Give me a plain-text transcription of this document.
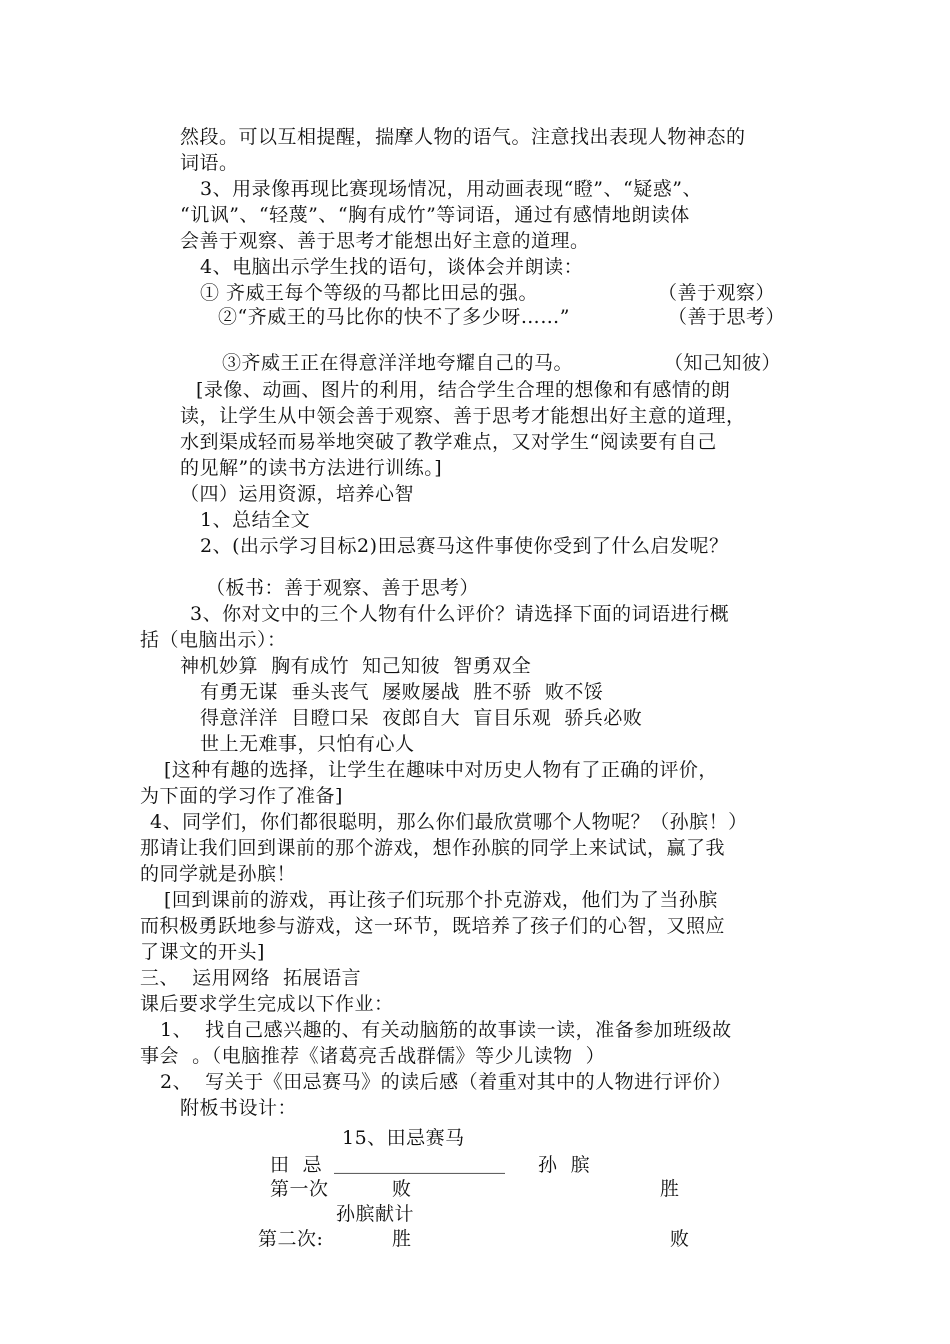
然段。可以互相提醒，揣摩人物的语气。注意找出表现人物神态的
词语。
3、用录像再现比赛现场情况，用动画表现“瞪”、“疑惑”、
“讥讽”、“轻蔑”、“胸有成竹”等词语，通过有感情地朗读体
会善于观察、善于思考才能想出好主意的道理。
4、电脑出示学生找的语句，谈体会并朗读：
① 齐威王每个等级的马都比田忌的强。	（善于观察）
②“齐威王的马比你的快不了多少呀……”	（善于思考）
③齐威王正在得意洋洋地夸耀自己的马。	（知己知彼）
[录像、动画、图片的利用，结合学生合理的想像和有感情的朗
读，让学生从中领会善于观察、善于思考才能想出好主意的道理，
水到渠成轻而易举地突破了教学难点，又对学生“阅读要有自己
的见解”的读书方法进行训练。]
（四）运用资源，培养心智
1、总结全文
2、(出示学习目标2)田忌赛马这件事使你受到了什么启发呢？
（板书：善于观察、善于思考）
3、你对文中的三个人物有什么评价？请选择下面的词语进行概
括（电脑出示）：
神机妙算  胸有成竹  知己知彼  智勇双全
有勇无谋  垂头丧气  屡败屡战  胜不骄  败不馁
得意洋洋  目瞪口呆  夜郎自大  盲目乐观  骄兵必败
世上无难事，只怕有心人
[这种有趣的选择，让学生在趣味中对历史人物有了正确的评价，
为下面的学习作了准备]
4、同学们，你们都很聪明，那么你们最欣赏哪个人物呢？（孙膑！）
那请让我们回到课前的那个游戏，想作孙膑的同学上来试试，赢了我
的同学就是孙膑！
[回到课前的游戏，再让孩子们玩那个扑克游戏，他们为了当孙膑
而积极勇跃地参与游戏，这一环节，既培养了孩子们的心智，又照应
了课文的开头]
三、  运用网络  拓展语言
课后要求学生完成以下作业：
1、  找自己感兴趣的、有关动脑筋的故事读一读，准备参加班级故
事会  。（电脑推荐《诸葛亮舌战群儒》等少儿读物  ）
2、  写关于《田忌赛马》的读后感（着重对其中的人物进行评价）
附板书设计：
15、田忌赛马
田  忌 __________________ 孙  膑
第一次	败	胜
孙膑献计
第二次:	胜	败
